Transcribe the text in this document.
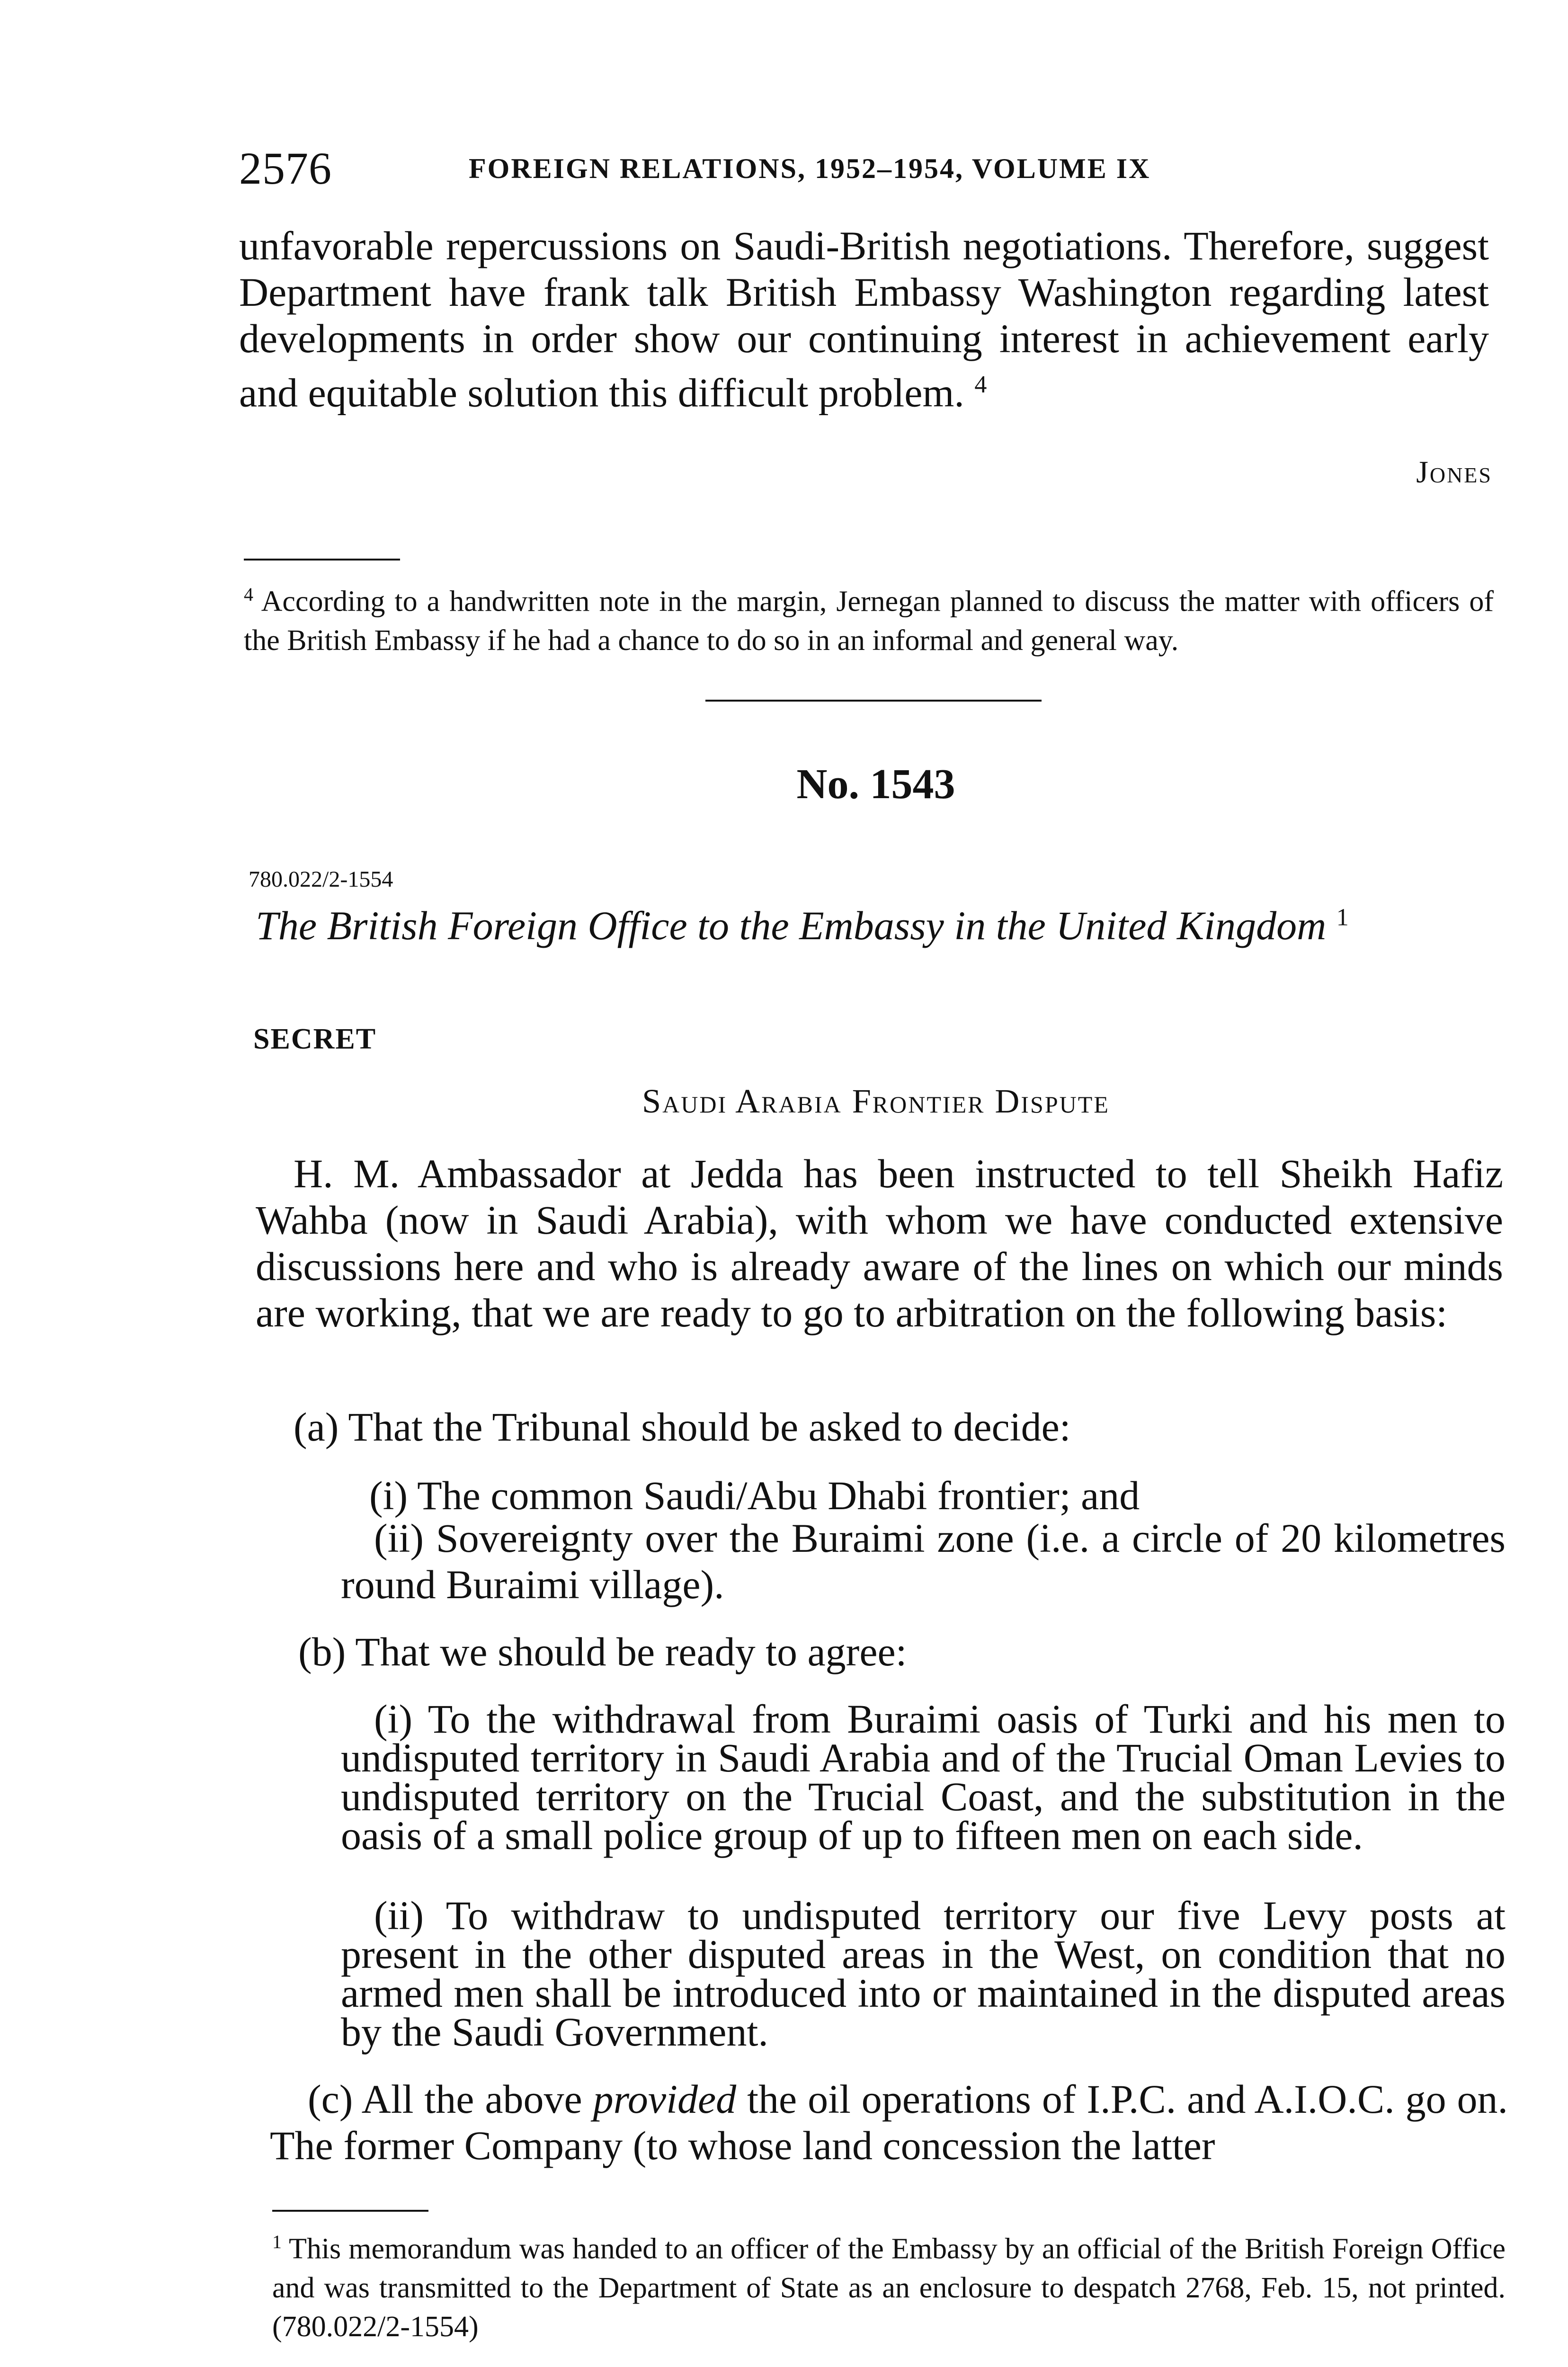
2576	FOREIGN RELATIONS, 1952–1954, VOLUME IX

unfavorable repercussions on Saudi-British negotiations. Therefore, suggest Department have frank talk British Embassy Washington regarding latest developments in order show our continuing interest in achievement early and equitable solution this difficult problem. $^4$

Jones

$^4$ According to a handwritten note in the margin, Jernegan planned to discuss the matter with officers of the British Embassy if he had a chance to do so in an informal and general way.

No. 1543
780.022/2-1554
The British Foreign Office to the Embassy in the United Kingdom $^1$
SECRET
Saudi Arabia Frontier Dispute

H. M. Ambassador at Jedda has been instructed to tell Sheikh Hafiz Wahba (now in Saudi Arabia), with whom we have conducted extensive discussions here and who is already aware of the lines on which our minds are working, that we are ready to go to arbitration on the following basis:

(a) That the Tribunal should be asked to decide:

(i) The common Saudi/Abu Dhabi frontier; and

(ii) Sovereignty over the Buraimi zone (i.e. a circle of 20 kilometres round Buraimi village).

(b) That we should be ready to agree:

(i) To the withdrawal from Buraimi oasis of Turki and his men to undisputed territory in Saudi Arabia and of the Trucial Oman Levies to undisputed territory on the Trucial Coast, and the substitution in the oasis of a small police group of up to fifteen men on each side.

(ii) To withdraw to undisputed territory our five Levy posts at present in the other disputed areas in the West, on condition that no armed men shall be introduced into or maintained in the disputed areas by the Saudi Government.

(c) All the above provided the oil operations of I.P.C. and A.I.O.C. go on. The former Company (to whose land concession the latter

$^1$ This memorandum was handed to an officer of the Embassy by an official of the British Foreign Office and was transmitted to the Department of State as an enclosure to despatch 2768, Feb. 15, not printed. (780.022/2-1554)
